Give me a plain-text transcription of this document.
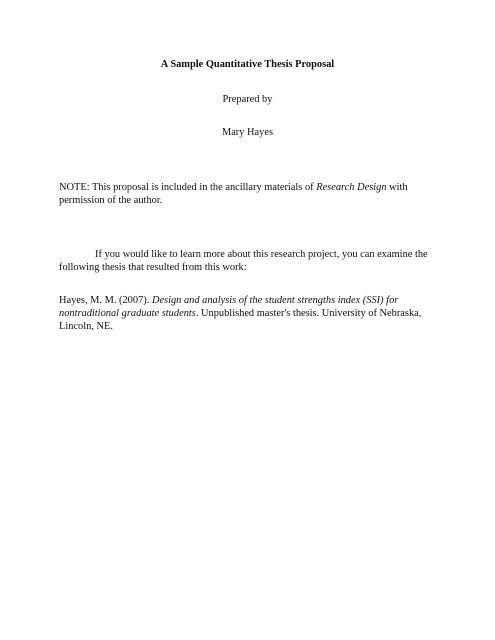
A Sample Quantitative Thesis Proposal
Prepared by
Mary Hayes
NOTE: This proposal is included in the ancillary materials of Research Design with permission of the author.
If you would like to learn more about this research project, you can examine the following thesis that resulted from this work:
Hayes, M. M. (2007). Design and analysis of the student strengths index (SSI) for nontraditional graduate students. Unpublished master's thesis. University of Nebraska, Lincoln, NE.
